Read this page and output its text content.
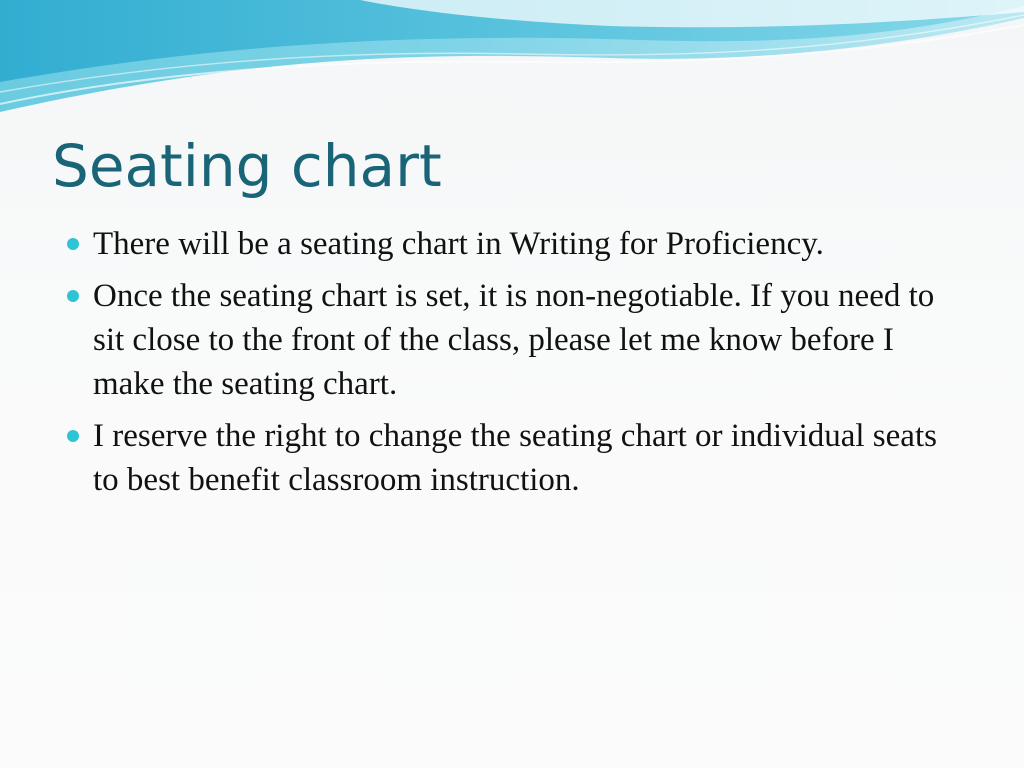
Seating chart
There will be a seating chart in Writing for Proficiency.
Once the seating chart is set, it is non-negotiable. If you need to sit close to the front of the class, please let me know before I make the seating chart.
I reserve the right to change the seating chart or individual seats to best benefit classroom instruction.
